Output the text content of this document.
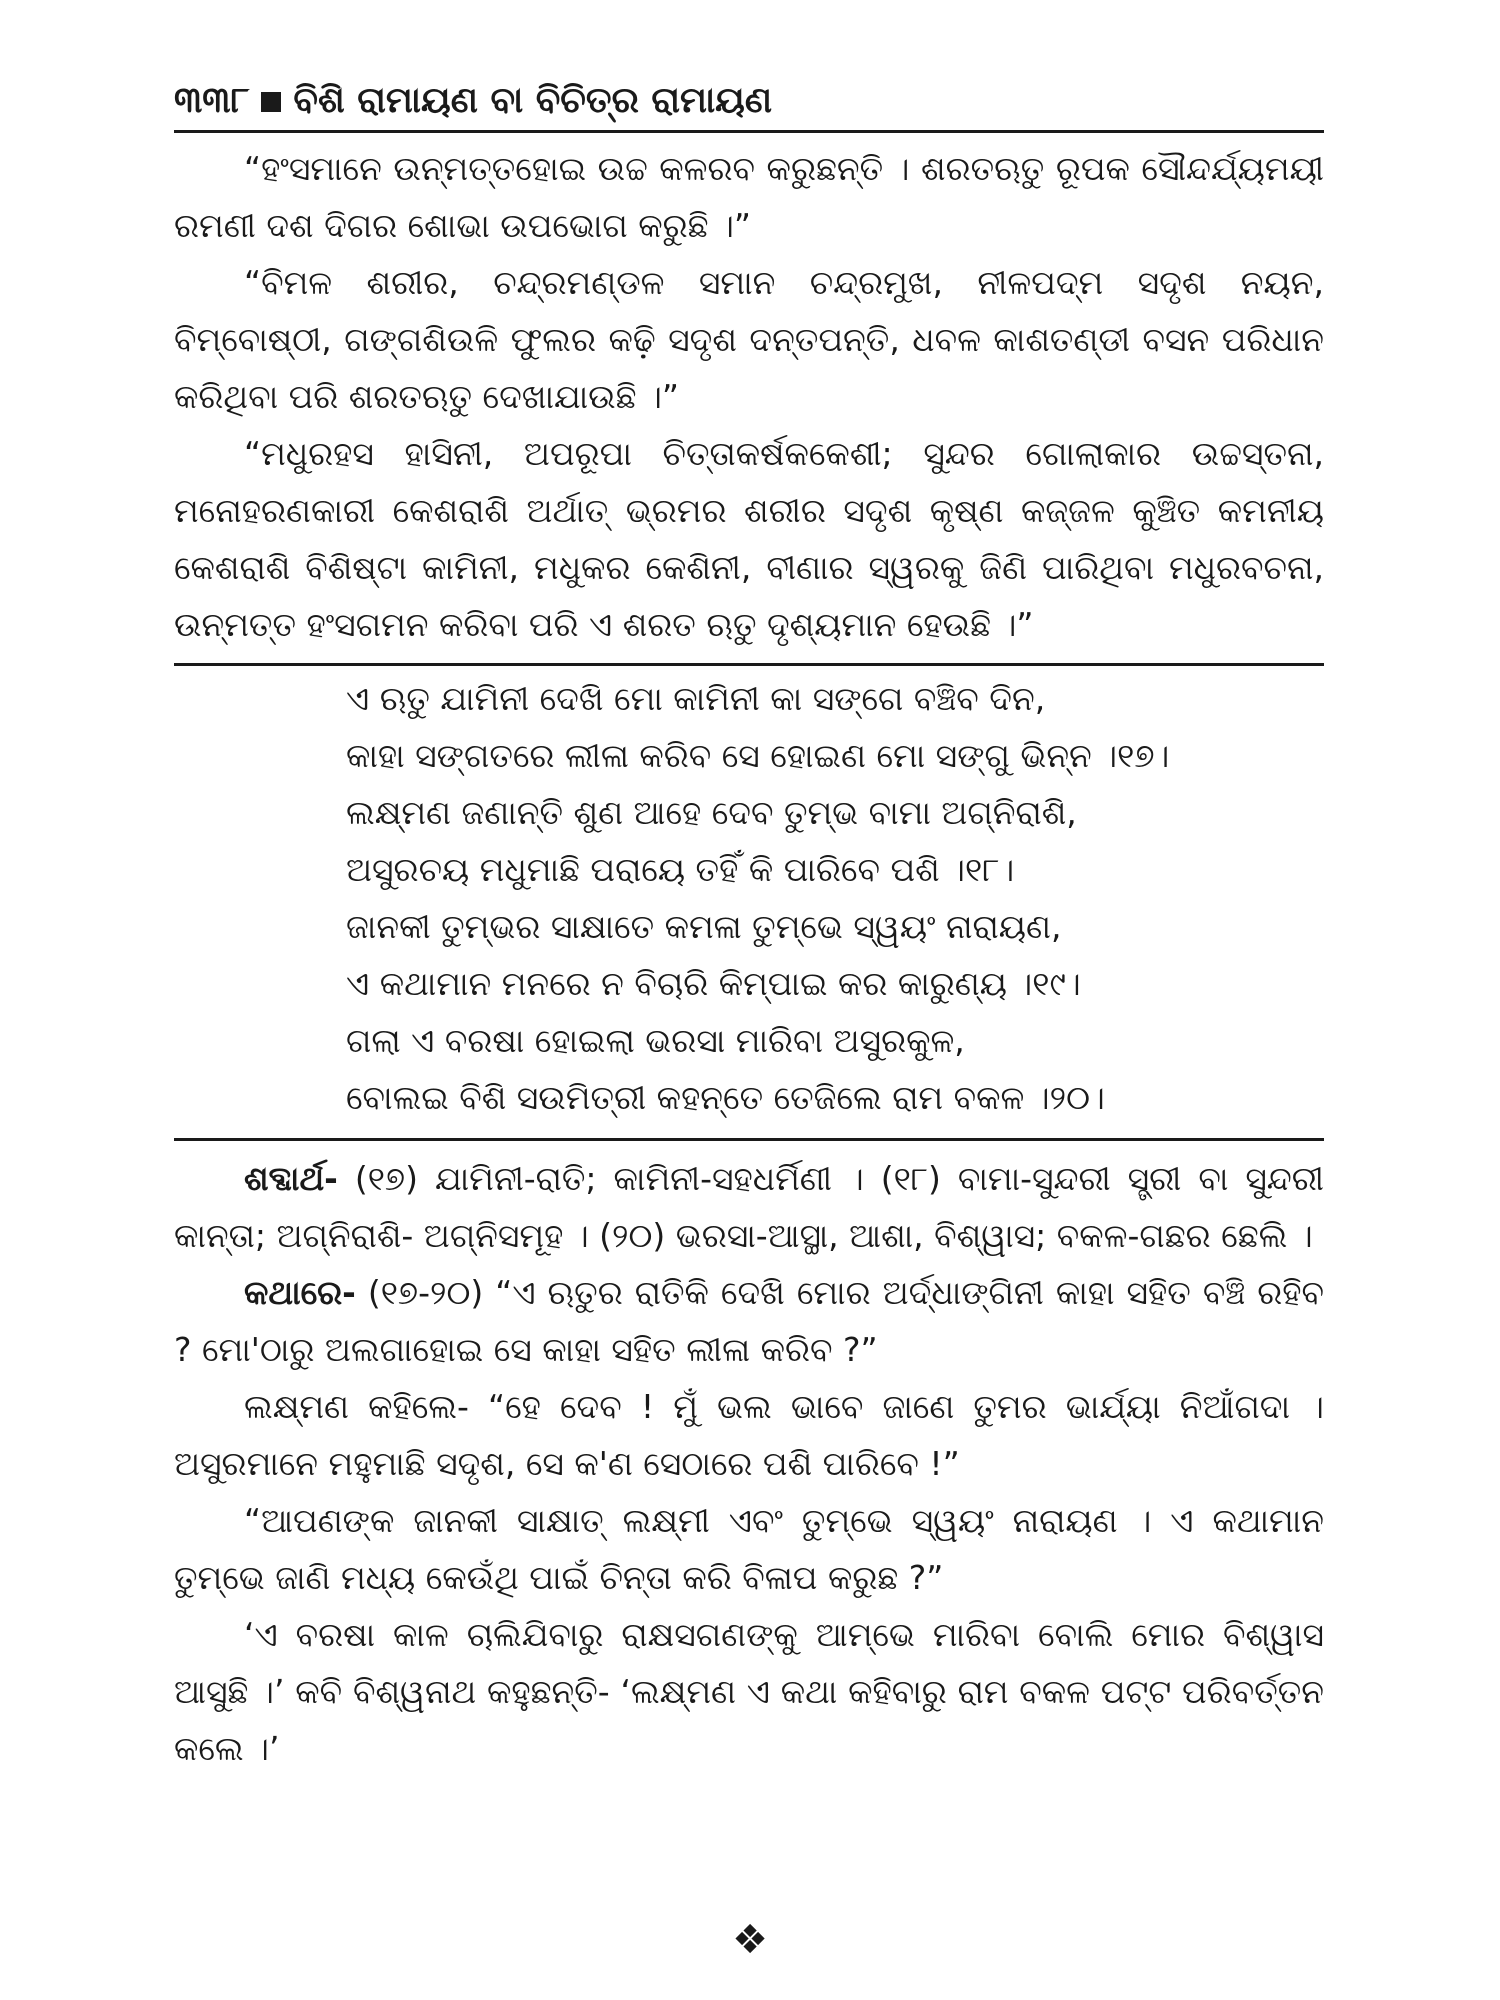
୩୩୮ ବିଶି ରାମାୟଣ ବା ବିଚିତ୍ର ରାମାୟଣ

“ହଂସମାନେ ଉନ୍ମତ୍ତହୋଇ ଉଚ୍ଚ କଳରବ କରୁଛନ୍ତି । ଶରତଋତୁ ରୂପକ ସୌନ୍ଦର୍ଯ୍ୟମୟୀ ରମଣୀ ଦଶ ଦିଗର ଶୋଭା ଉପଭୋଗ କରୁଛି ।”

“ବିମଳ ଶରୀର, ଚନ୍ଦ୍ରମଣ୍ଡଳ ସମାନ ଚନ୍ଦ୍ରମୁଖ, ନୀଳପଦ୍ମ ସଦୃଶ ନୟନ, ବିମ୍ବୋଷ୍ଠୀ, ଗଙ୍ଗଶିଉଳି ଫୁଲର କଢ଼ି ସଦୃଶ ଦନ୍ତପନ୍ତି, ଧବଳ କାଶତଣ୍ଡୀ ବସନ ପରିଧାନ କରିଥିବା ପରି ଶରତଋତୁ ଦେଖାଯାଉଛି ।”

“ମଧୁରହସ ହାସିନୀ, ଅପରୂପା ଚିତ୍ତାକର୍ଷକକେଶୀ; ସୁନ୍ଦର ଗୋଲାକାର ଉଚ୍ଚସ୍ତନା, ମନୋହରଣକାରୀ କେଶରାଶି ଅର୍ଥାତ୍ ଭ୍ରମର ଶରୀର ସଦୃଶ କୃଷ୍ଣ କଜ୍ଜଳ କୁଞ୍ଚିତ କମନୀୟ କେଶରାଶି ବିଶିଷ୍ଟା କାମିନୀ, ମଧୁକର କେଶିନୀ, ବୀଣାର ସ୍ୱରକୁ ଜିଣି ପାରିଥିବା ମଧୁରବଚନା, ଉନ୍ମତ୍ତ ହଂସଗମନ କରିବା ପରି ଏ ଶରତ ଋତୁ ଦୃଶ୍ୟମାନ ହେଉଛି ।”

ଏ ଋତୁ ଯାମିନୀ ଦେଖି ମୋ କାମିନୀ କା ସଙ୍ଗେ ବଞ୍ଚିବ ଦିନ,
କାହା ସଙ୍ଗତରେ ଲୀଳା କରିବ ସେ ହୋଇଣ ମୋ ସଙ୍ଗୁ ଭିନ୍ନ ।୧୭।
ଲକ୍ଷ୍ମଣ ଜଣାନ୍ତି ଶୁଣ ଆହେ ଦେବ ତୁମ୍ଭ ବାମା ଅଗ୍ନିରାଶି,
ଅସୁରଚୟ ମଧୁମାଛି ପରାୟେ ତହିଁ କି ପାରିବେ ପଶି ।୧୮।
ଜାନକୀ ତୁମ୍ଭର ସାକ୍ଷାତେ କମଳା ତୁମ୍ଭେ ସ୍ୱୟଂ ନାରାୟଣ,
ଏ କଥାମାନ ମନରେ ନ ବିଚାରି କିମ୍ପାଇ କର କାରୁଣ୍ୟ ।୧୯।
ଗଲା ଏ ବରଷା ହୋଇଲା ଭରସା ମାରିବା ଅସୁରକୁଳ,
ବୋଲଇ ବିଶି ସଉମିତ୍ରୀ କହନ୍ତେ ତେଜିଲେ ରାମ ବକଳ ।୨୦।

ଶବ୍ଦାର୍ଥ- (୧୭) ଯାମିନୀ-ରାତି; କାମିନୀ-ସହଧର୍ମିଣୀ । (୧୮) ବାମା-ସୁନ୍ଦରୀ ସ୍ତ୍ରୀ ବା ସୁନ୍ଦରୀ କାନ୍ତା; ଅଗ୍ନିରାଶି- ଅଗ୍ନିସମୂହ । (୨୦) ଭରସା-ଆସ୍ଥା, ଆଶା, ବିଶ୍ୱାସ; ବକଳ-ଗଛର ଛେଲି ।

କଥାରେ- (୧୭-୨୦) “ଏ ଋତୁର ରାତିକି ଦେଖି ମୋର ଅର୍ଦ୍ଧାଙ୍ଗିନୀ କାହା ସହିତ ବଞ୍ଚି ରହିବ ? ମୋ'ଠାରୁ ଅଲଗାହୋଇ ସେ କାହା ସହିତ ଲୀଳା କରିବ ?”

ଲକ୍ଷ୍ମଣ କହିଲେ- “ହେ ଦେବ ! ମୁଁ ଭଲ ଭାବେ ଜାଣେ ତୁମର ଭାର୍ଯ୍ୟା ନିଆଁଗଦା । ଅସୁରମାନେ ମହୁମାଛି ସଦୃଶ, ସେ କ'ଣ ସେଠାରେ ପଶି ପାରିବେ !”

“ଆପଣଙ୍କ ଜାନକୀ ସାକ୍ଷାତ୍ ଲକ୍ଷ୍ମୀ ଏବଂ ତୁମ୍ଭେ ସ୍ୱୟଂ ନାରାୟଣ । ଏ କଥାମାନ ତୁମ୍ଭେ ଜାଣି ମଧ୍ୟ କେଉଁଥି ପାଇଁ ଚିନ୍ତା କରି ବିଳାପ କରୁଛ ?”

‘ଏ ବରଷା କାଳ ଚାଲିଯିବାରୁ ରାକ୍ଷସଗଣଙ୍କୁ ଆମ୍ଭେ ମାରିବା ବୋଲି ମୋର ବିଶ୍ୱାସ ଆସୁଛି ।’ କବି ବିଶ୍ୱନାଥ କହୁଛନ୍ତି- ‘ଲକ୍ଷ୍ମଣ ଏ କଥା କହିବାରୁ ରାମ ବକଳ ପଟ୍ଟ ପରିବର୍ତ୍ତନ କଲେ ।’

❖
